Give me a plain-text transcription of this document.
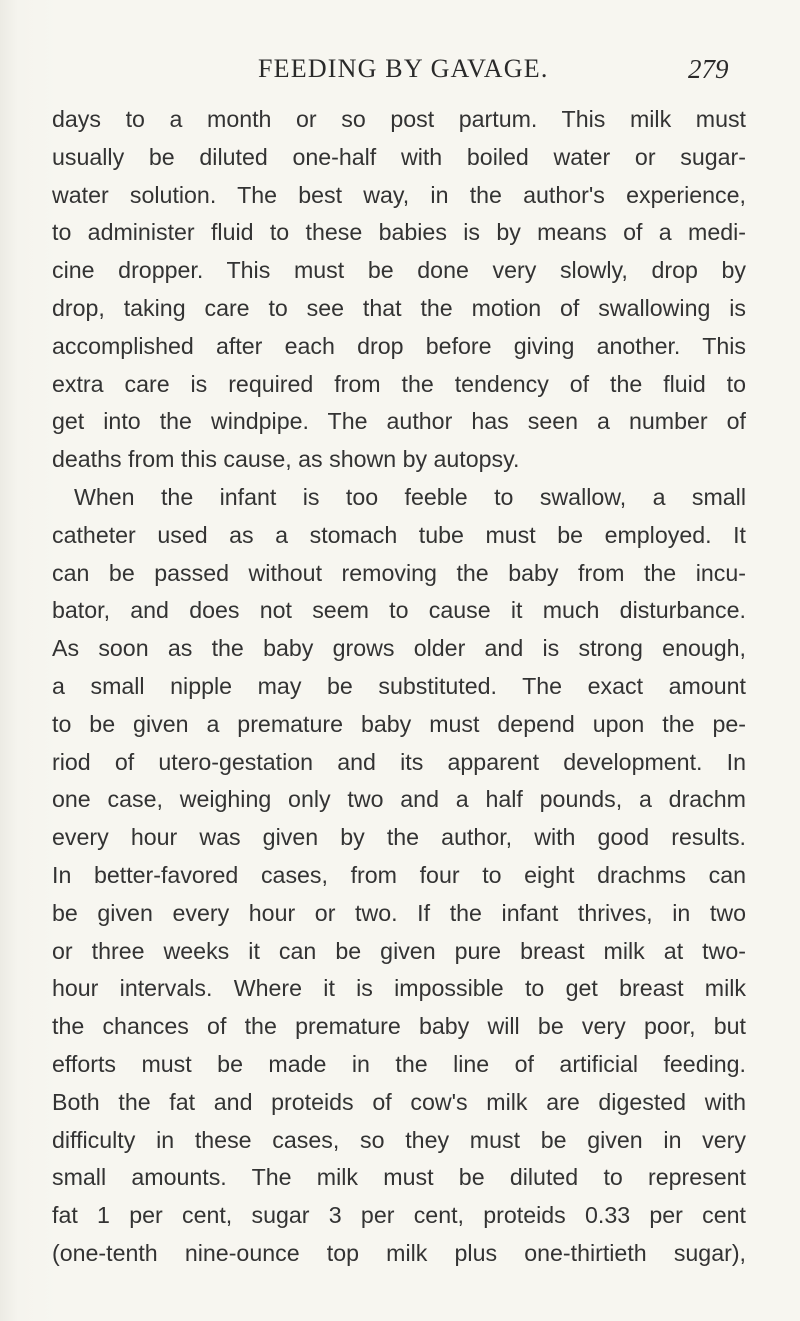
FEEDING BY GAVAGE.	279
days to a month or so post partum. This milk must
usually be diluted one-half with boiled water or sugar-
water solution. The best way, in the author's experience,
to administer fluid to these babies is by means of a medi-
cine dropper. This must be done very slowly, drop by
drop, taking care to see that the motion of swallowing is
accomplished after each drop before giving another. This
extra care is required from the tendency of the fluid to
get into the windpipe. The author has seen a number of
deaths from this cause, as shown by autopsy.
When the infant is too feeble to swallow, a small
catheter used as a stomach tube must be employed. It
can be passed without removing the baby from the incu-
bator, and does not seem to cause it much disturbance.
As soon as the baby grows older and is strong enough,
a small nipple may be substituted. The exact amount
to be given a premature baby must depend upon the pe-
riod of utero-gestation and its apparent development. In
one case, weighing only two and a half pounds, a drachm
every hour was given by the author, with good results.
In better-favored cases, from four to eight drachms can
be given every hour or two. If the infant thrives, in two
or three weeks it can be given pure breast milk at two-
hour intervals. Where it is impossible to get breast milk
the chances of the premature baby will be very poor, but
efforts must be made in the line of artificial feeding.
Both the fat and proteids of cow's milk are digested with
difficulty in these cases, so they must be given in very
small amounts. The milk must be diluted to represent
fat 1 per cent, sugar 3 per cent, proteids 0.33 per cent
(one-tenth nine-ounce top milk plus one-thirtieth sugar),
